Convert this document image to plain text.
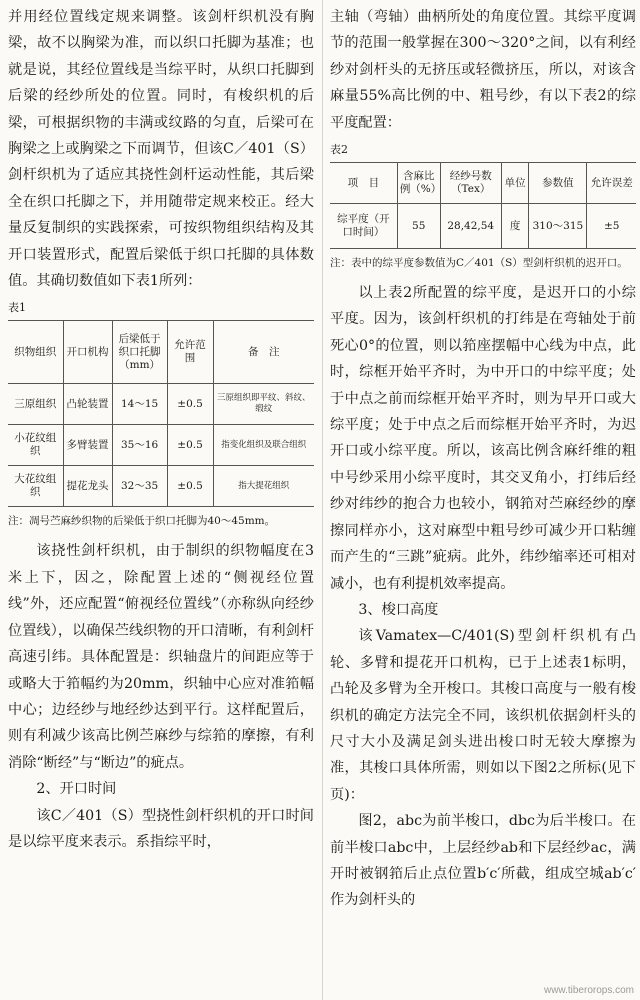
并用经位置线定规来调整。该剑杆织机没有胸梁，故不以胸梁为准，而以织口托脚为基准；也就是说，其经位置线是当综平时，从织口托脚到后梁的经纱所处的位置。同时，有梭织机的后梁，可根据织物的丰满或纹路的匀直，后梁可在胸梁之上或胸梁之下而调节，但该C／401（S）剑杆织机为了适应其挠性剑杆运动性能，其后梁全在织口托脚之下，并用随带定规来校正。经大量反复制织的实践探索，可按织物组织结构及其开口装置形式，配置后梁低于织口托脚的具体数值。其确切数值如下表1所列：

表1
织物组织	开口机构	后梁低于织口托脚（mm）	允许范围	备　注
三原组织	凸轮装置	14～15	±0.5	三原组织即平纹、斜纹、缎纹
小花纹组织	多臂装置	35～16	±0.5	指变化组织及联合组织
大花纹组织	提花龙头	32～35	±0.5	指大提花组织
注：凋号苎麻纱织物的后梁低于织口托脚为40～45mm。

该挠性剑杆织机，由于制织的织物幅度在3米上下，因之，除配置上述的“侧视经位置线”外，还应配置“俯视经位置线”（亦称纵向经纱位置线），以确保苎线织物的开口清晰，有利剑杆高速引纬。具体配置是：织轴盘片的间距应等于或略大于筘幅约为20mm，织轴中心应对准筘幅中心；边经纱与地经纱达到平行。这样配置后，则有利减少该高比例苎麻纱与综筘的摩擦，有利消除“断经”与“断边”的疵点。

2、开口时间

该C／401（S）型挠性剑杆织机的开口时间是以综平度来表示。系指综平时，

主轴（弯轴）曲柄所处的角度位置。其综平度调节的范围一般掌握在300～320°之间，以有利经纱对剑杆头的无挤压或轻微挤压，所以，对该含麻量55%高比例的中、粗号纱，有以下表2的综平度配置：

表2
项　目	含麻比例（%）	经纱号数（Tex）	单位	参数值	允许误差
综平度（开口时间）	55	28,42,54	度	310～315	±5
注：表中的综平度参数值为C／401（S）型剑杆织机的迟开口。

以上表2所配置的综平度，是迟开口的小综平度。因为，该剑杆织机的打纬是在弯轴处于前死心0°的位置，则以筘座摆幅中心线为中点，此时，综框开始平齐时，为中开口的中综平度；处于中点之前而综框开始平齐时，则为早开口或大综平度；处于中点之后而综框开始平齐时，为迟开口或小综平度。所以，该高比例含麻纤维的粗中号纱采用小综平度时，其交叉角小，打纬后经纱对纬纱的抱合力也较小，钢筘对苎麻经纱的摩擦同样亦小，这对麻型中粗号纱可减少开口粘缠而产生的“三跳”疵病。此外，纬纱缩率还可相对减小，也有利提机效率提高。

3、梭口高度

该Vamatex—C/401(S)型剑杆织机有凸轮、多臂和提花开口机构，已于上述表1标明，凸轮及多臂为全开梭口。其梭口高度与一般有梭织机的确定方法完全不同，该织机依据剑杆头的尺寸大小及满足剑头进出梭口时无较大摩擦为准，其梭口具体所需，则如以下图2之所标(见下页)：

图2，abc为前半梭口，dbc为后半梭口。在前半梭口abc中，上层经纱ab和下层经纱ac，满开时被钢筘后止点位置b′c′所截，组成空城ab′c′作为剑杆头的

www.tiberorops.com
